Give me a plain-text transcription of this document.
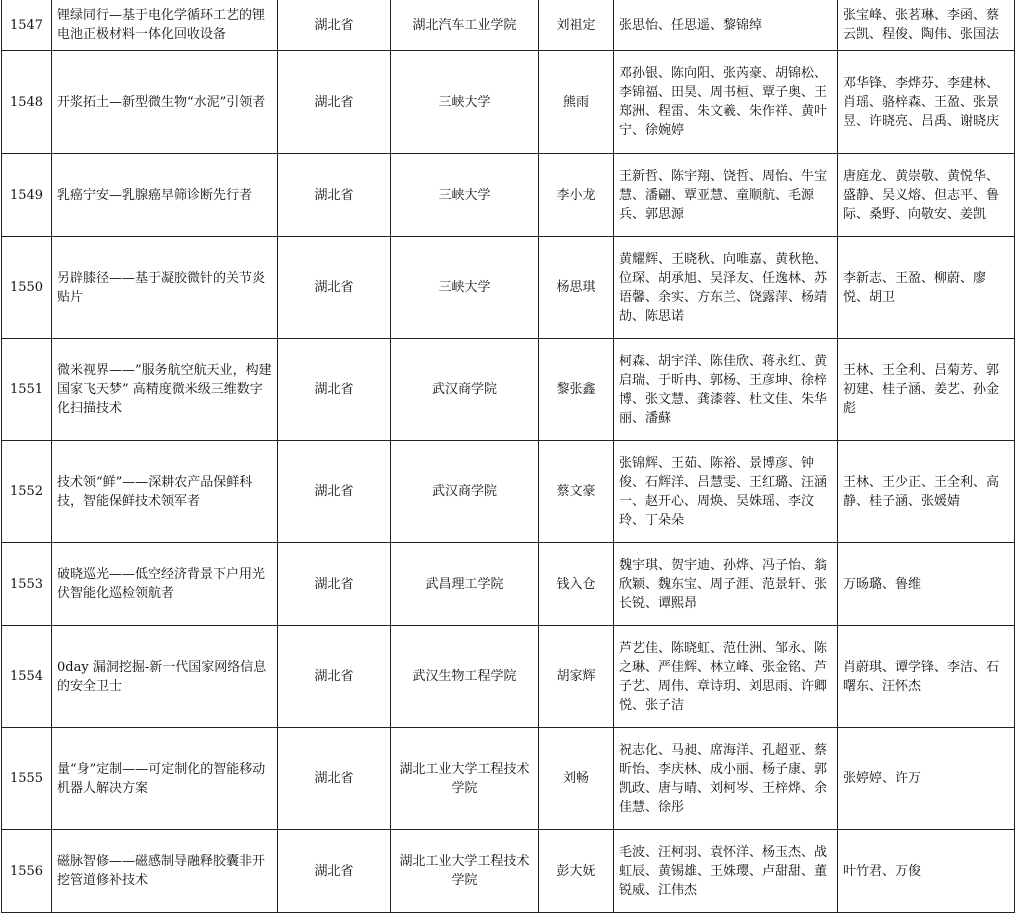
1547	锂绿同行—基于电化学循环工艺的锂电池正极材料一体化回收设备	湖北省	湖北汽车工业学院	刘祖定	张思怡、任思遥、黎锦绰	张宝峰、张茗琳、李函、蔡云凯、程俊、陶伟、张国法
1548	开浆拓土—新型微生物“水泥”引领者	湖北省	三峡大学	熊雨	邓孙银、陈向阳、张芮豪、胡锦松、李锦福、田昊、周书桓、覃子奥、王郑洲、程雷、朱文羲、朱作祥、黄叶宁、徐婉婷	邓华锋、李烨芬、李建林、肖瑶、骆梓森、王盈、张景昱、许晓亮、吕禹、谢晓庆
1549	乳癌宁安—乳腺癌早筛诊断先行者	湖北省	三峡大学	李小龙	王新哲、陈宇翔、饶哲、周怡、牛宝慧、潘翩、覃亚慧、童顺航、毛源兵、郭思源	唐庭龙、黄崇敬、黄悦华、盛静、吴义熔、但志平、鲁际、桑野、向敬安、姜凯
1550	另辟膝径——基于凝胶微针的关节炎贴片	湖北省	三峡大学	杨思琪	黄耀辉、王晓秋、向唯嘉、黄秋艳、位琛、胡承旭、吴泽友、任逸林、苏语馨、余实、方东兰、饶露萍、杨靖劼、陈思诺	李新志、王盈、柳蔚、廖悦、胡卫
1551	微米视界——”服务航空航天业，构建国家飞天梦” 高精度微米级三维数字化扫描技术	湖北省	武汉商学院	黎张鑫	柯森、胡宇洋、陈佳欣、蒋永红、黄启瑞、于昕冉、郭杨、王彦坤、徐梓博、张文慧、龚漆蓉、杜文佳、朱华丽、潘蘇	王林、王全利、吕菊芳、郭初建、桂子涵、姜艺、孙金彪
1552	技术领“鲜”——深耕农产品保鲜科技，智能保鲜技术领军者	湖北省	武汉商学院	蔡文豪	张锦辉、王茹、陈裕、景博彦、钟俊、石辉洋、吕慧雯、王红璐、汪涵一、赵开心、周焕、吴姝瑶、李汶玲、丁朵朵	王林、王少正、王全利、高静、桂子涵、张媛婧
1553	破晓巡光——低空经济背景下户用光伏智能化巡检领航者	湖北省	武昌理工学院	钱入仓	魏宇琪、贺宇迪、孙烨、冯子怡、翁欣颖、魏东宝、周子涯、范景轩、张长锐、谭熙昂	万旸璐、鲁维
1554	0day 漏洞挖掘-新一代国家网络信息的安全卫士	湖北省	武汉生物工程学院	胡家辉	芦艺佳、陈晓虹、范仕洲、邹永、陈之琳、严佳辉、林立峰、张金铭、芦子艺、周伟、章诗玥、刘思雨、许卿悦、张子洁	肖蔚琪、谭学锋、李洁、石曙东、汪怀杰
1555	量“身”定制——可定制化的智能移动机器人解决方案	湖北省	湖北工业大学工程技术学院	刘畅	祝志化、马昶、席海洋、孔超亚、蔡昕怡、李庆林、成小丽、杨子康、郭凯政、唐与晴、刘柯岑、王梓烨、余佳慧、徐彤	张婷婷、许万
1556	磁脉智修——磁感制导融释胶囊非开挖管道修补技术	湖北省	湖北工业大学工程技术学院	彭大妩	毛波、汪柯羽、袁怀洋、杨玉杰、战虹辰、黄锡雄、王姝璎、卢甜甜、董锐威、江伟杰	叶竹君、万俊
